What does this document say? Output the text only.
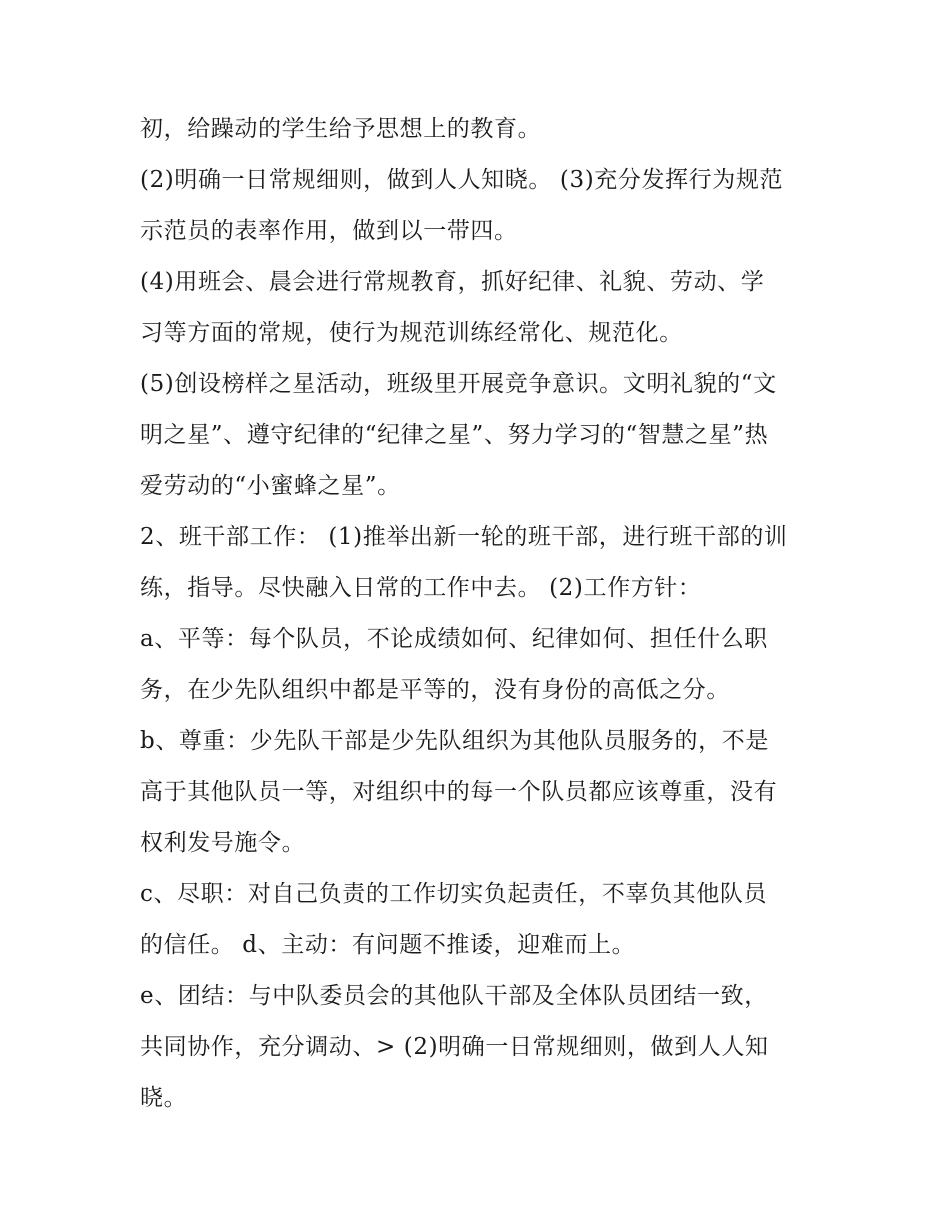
初，给躁动的学生给予思想上的教育。
(2)明确一日常规细则，做到人人知晓。 (3)充分发挥行为规范
示范员的表率作用，做到以一带四。
(4)用班会、晨会进行常规教育，抓好纪律、礼貌、劳动、学
习等方面的常规，使行为规范训练经常化、规范化。
(5)创设榜样之星活动，班级里开展竞争意识。文明礼貌的“文
明之星”、遵守纪律的“纪律之星”、努力学习的“智慧之星”热
爱劳动的“小蜜蜂之星”。
2、班干部工作： (1)推举出新一轮的班干部，进行班干部的训
练，指导。尽快融入日常的工作中去。 (2)工作方针：
a、平等：每个队员，不论成绩如何、纪律如何、担任什么职
务，在少先队组织中都是平等的，没有身份的高低之分。
b、尊重：少先队干部是少先队组织为其他队员服务的，不是
高于其他队员一等，对组织中的每一个队员都应该尊重，没有
权利发号施令。
c、尽职：对自己负责的工作切实负起责任，不辜负其他队员
的信任。 d、主动：有问题不推诿，迎难而上。
e、团结：与中队委员会的其他队干部及全体队员团结一致，
共同协作，充分调动、> (2)明确一日常规细则，做到人人知
晓。
